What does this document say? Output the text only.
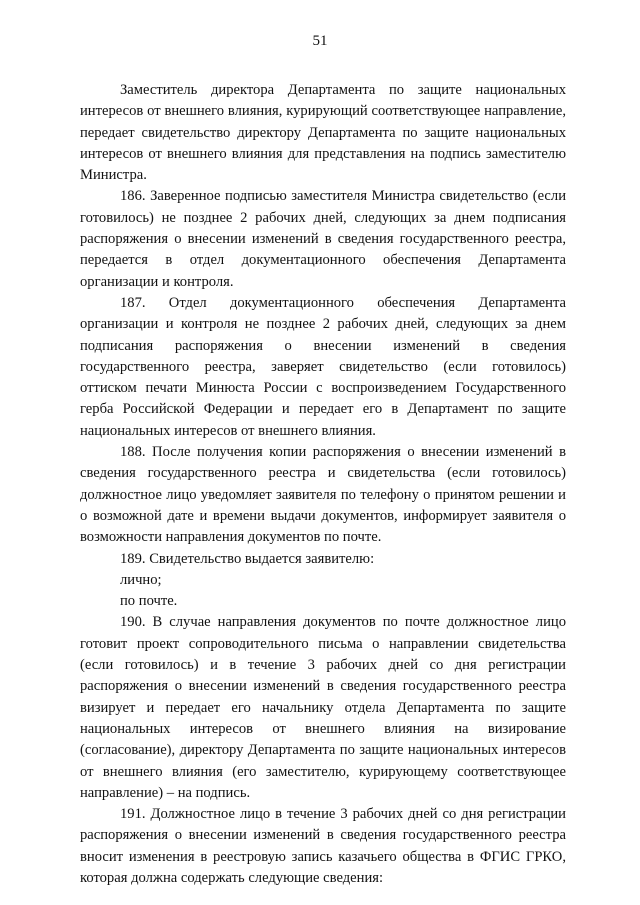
51

Заместитель директора Департамента по защите национальных интересов от внешнего влияния, курирующий соответствующее направление, передает свидетельство директору Департамента по защите национальных интересов от внешнего влияния для представления на подпись заместителю Министра.

186. Заверенное подписью заместителя Министра свидетельство (если готовилось) не позднее 2 рабочих дней, следующих за днем подписания распоряжения о внесении изменений в сведения государственного реестра, передается в отдел документационного обеспечения Департамента организации и контроля.

187. Отдел документационного обеспечения Департамента организации и контроля не позднее 2 рабочих дней, следующих за днем подписания распоряжения о внесении изменений в сведения государственного реестра, заверяет свидетельство (если готовилось) оттиском печати Минюста России с воспроизведением Государственного герба Российской Федерации и передает его в Департамент по защите национальных интересов от внешнего влияния.

188. После получения копии распоряжения о внесении изменений в сведения государственного реестра и свидетельства (если готовилось) должностное лицо уведомляет заявителя по телефону о принятом решении и о возможной дате и времени выдачи документов, информирует заявителя о возможности направления документов по почте.

189. Свидетельство выдается заявителю:

лично;

по почте.

190. В случае направления документов по почте должностное лицо готовит проект сопроводительного письма о направлении свидетельства (если готовилось) и в течение 3 рабочих дней со дня регистрации распоряжения о внесении изменений в сведения государственного реестра визирует и передает его начальнику отдела Департамента по защите национальных интересов от внешнего влияния на визирование (согласование), директору Департамента по защите национальных интересов от внешнего влияния (его заместителю, курирующему соответствующее направление) – на подпись.

191. Должностное лицо в течение 3 рабочих дней со дня регистрации распоряжения о внесении изменений в сведения государственного реестра вносит изменения в реестровую запись казачьего общества в ФГИС ГРКО, которая должна содержать следующие сведения:
